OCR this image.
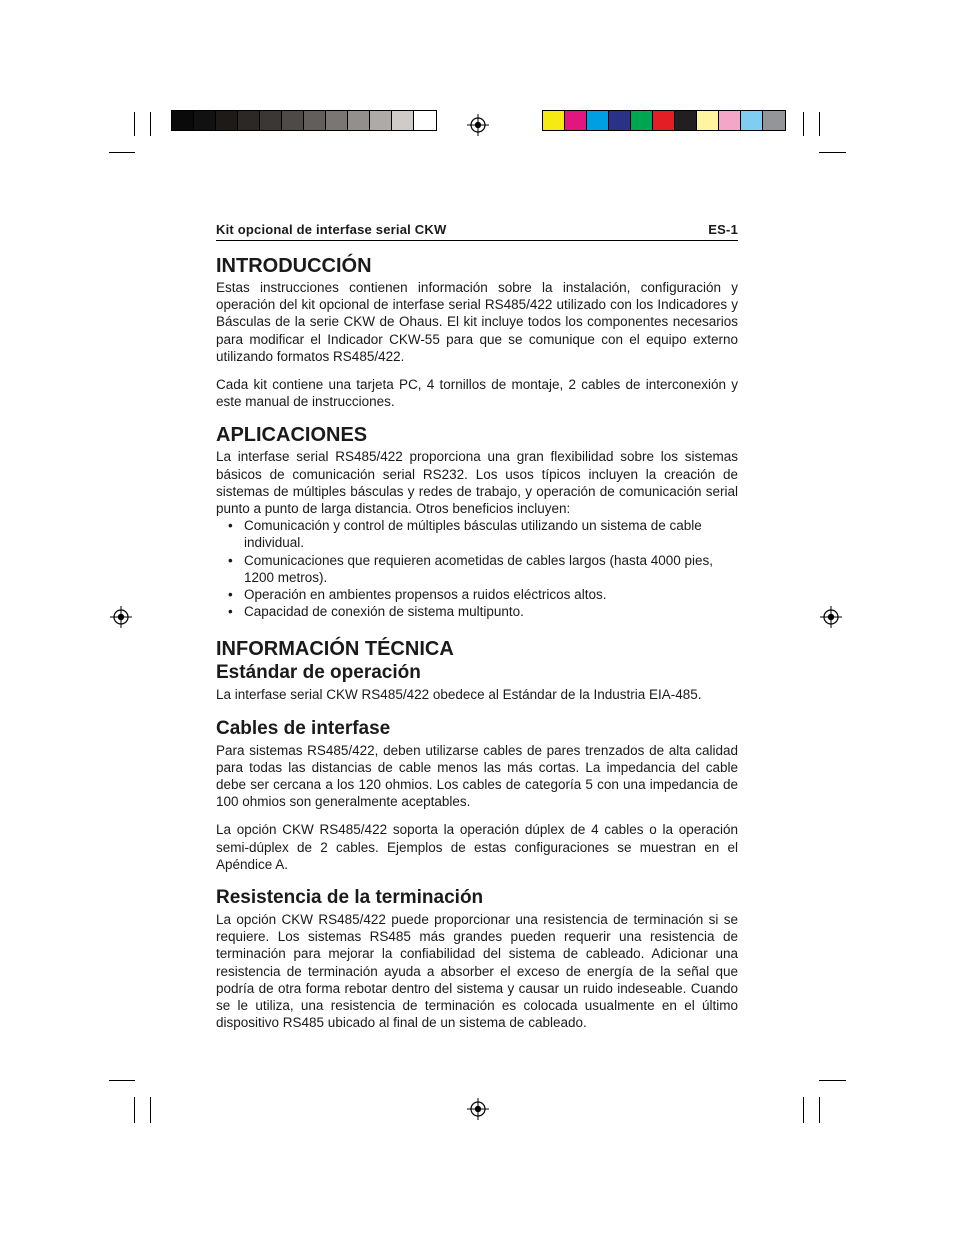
Kit opcional de interfase serial CKW	ES-1
INTRODUCCIÓN

Estas instrucciones contienen información sobre la instalación, configuración y operación del kit opcional de interfase serial RS485/422 utilizado con los Indicadores y Básculas de la serie CKW de Ohaus. El kit incluye todos los componentes necesarios para modificar el Indicador CKW-55 para que se comunique con el equipo externo utilizando formatos RS485/422.

Cada kit contiene una tarjeta PC, 4 tornillos de montaje, 2 cables de interconexión y este manual de instrucciones.

APLICACIONES

La interfase serial RS485/422 proporciona una gran flexibilidad sobre los sistemas básicos de comunicación serial RS232. Los usos típicos incluyen la creación de sistemas de múltiples básculas y redes de trabajo, y operación de comunicación serial punto a punto de larga distancia. Otros beneficios incluyen:

• Comunicación y control de múltiples básculas utilizando un sistema de cable individual.
• Comunicaciones que requieren acometidas de cables largos (hasta 4000 pies, 1200 metros).
• Operación en ambientes propensos a ruidos eléctricos altos.
• Capacidad de conexión de sistema multipunto.
INFORMACIÓN TÉCNICA
Estándar de operación

La interfase serial CKW RS485/422 obedece al Estándar de la Industria EIA-485.

Cables de interfase

Para sistemas RS485/422, deben utilizarse cables de pares trenzados de alta calidad para todas las distancias de cable menos las más cortas. La impedancia del cable debe ser cercana a los 120 ohmios. Los cables de categoría 5 con una impedancia de 100 ohmios son generalmente aceptables.

La opción CKW RS485/422 soporta la operación dúplex de 4 cables o la operación semi-dúplex de 2 cables. Ejemplos de estas configuraciones se muestran en el Apéndice A.

Resistencia de la terminación

La opción CKW RS485/422 puede proporcionar una resistencia de terminación si se requiere. Los sistemas RS485 más grandes pueden requerir una resistencia de terminación para mejorar la confiabilidad del sistema de cableado. Adicionar una resistencia de terminación ayuda a absorber el exceso de energía de la señal que podría de otra forma rebotar dentro del sistema y causar un ruido indeseable. Cuando se le utiliza, una resistencia de terminación es colocada usualmente en el último dispositivo RS485 ubicado al final de un sistema de cableado.
